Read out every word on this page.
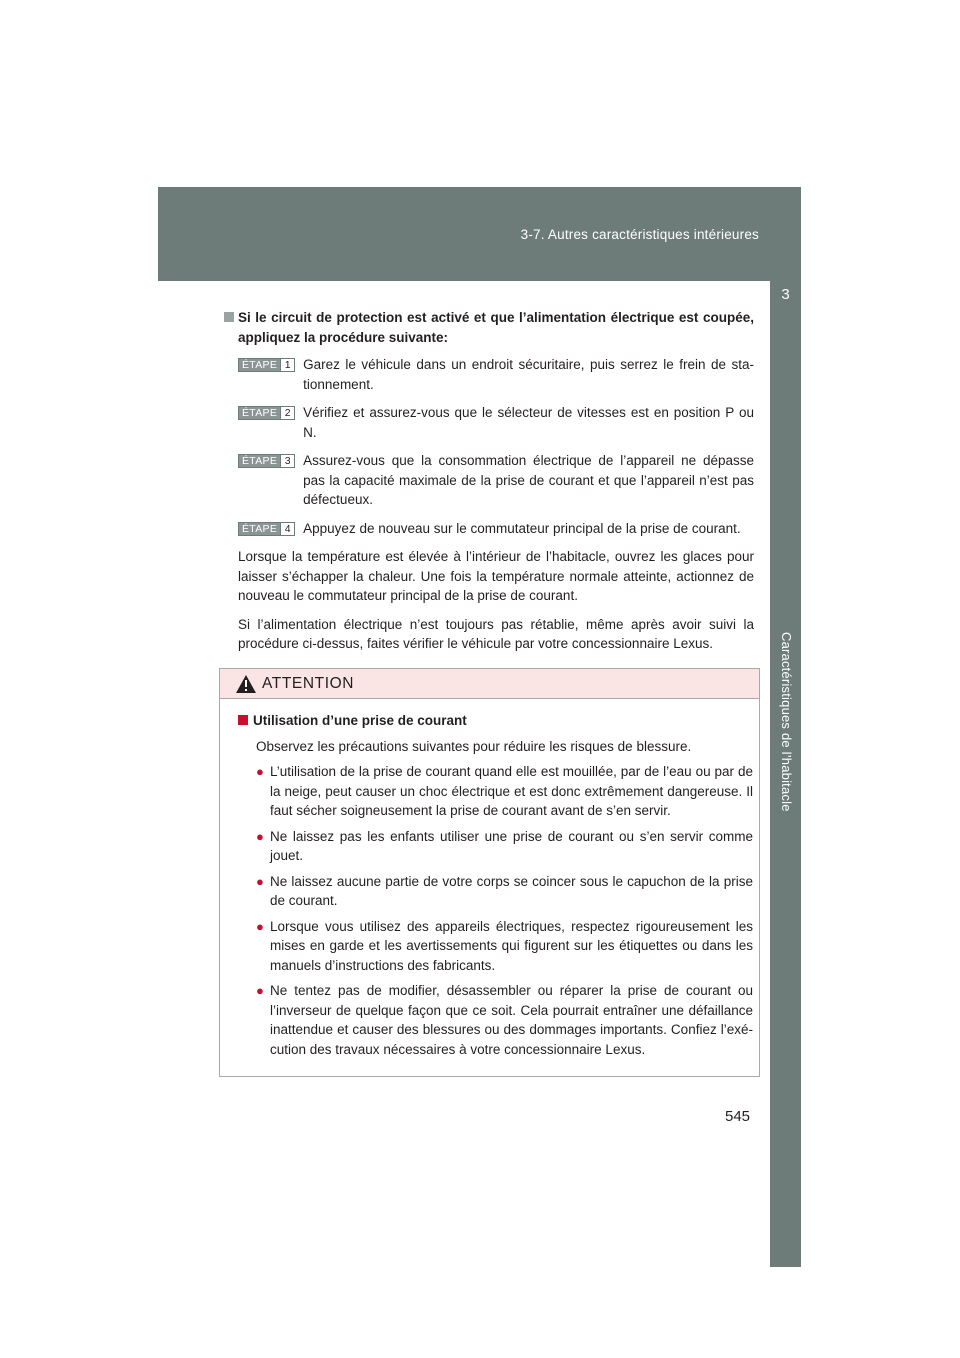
3-7. Autres caractéristiques intérieures
3
Caractéristiques de l’habitacle
Si le circuit de protection est activé et que l’alimentation électrique est coupée, appliquez la procédure suivante:
ÉTAPE 1 Garez le véhicule dans un endroit sécuritaire, puis serrez le frein de sta-tionnement.
ÉTAPE 2 Vérifiez et assurez-vous que le sélecteur de vitesses est en position P ou N.
ÉTAPE 3 Assurez-vous que la consommation électrique de l’appareil ne dépasse pas la capacité maximale de la prise de courant et que l’appareil n’est pas défectueux.
ÉTAPE 4 Appuyez de nouveau sur le commutateur principal de la prise de courant.

Lorsque la température est élevée à l’intérieur de l’habitacle, ouvrez les glaces pour laisser s’échapper la chaleur. Une fois la température normale atteinte, actionnez de nouveau le commutateur principal de la prise de courant.

Si l’alimentation électrique n’est toujours pas rétablie, même après avoir suivi la procédure ci-dessus, faites vérifier le véhicule par votre concessionnaire Lexus.

ATTENTION
Utilisation d’une prise de courant
Observez les précautions suivantes pour réduire les risques de blessure.
● L’utilisation de la prise de courant quand elle est mouillée, par de l’eau ou par de la neige, peut causer un choc électrique et est donc extrêmement dangereuse. Il faut sécher soigneusement la prise de courant avant de s’en servir.
● Ne laissez pas les enfants utiliser une prise de courant ou s’en servir comme jouet.
● Ne laissez aucune partie de votre corps se coincer sous le capuchon de la prise de courant.
● Lorsque vous utilisez des appareils électriques, respectez rigoureusement les mises en garde et les avertissements qui figurent sur les étiquettes ou dans les manuels d’instructions des fabricants.
● Ne tentez pas de modifier, désassembler ou réparer la prise de courant ou l’inverseur de quelque façon que ce soit. Cela pourrait entraîner une défaillance inattendue et causer des blessures ou des dommages importants. Confiez l’exé-cution des travaux nécessaires à votre concessionnaire Lexus.
545
